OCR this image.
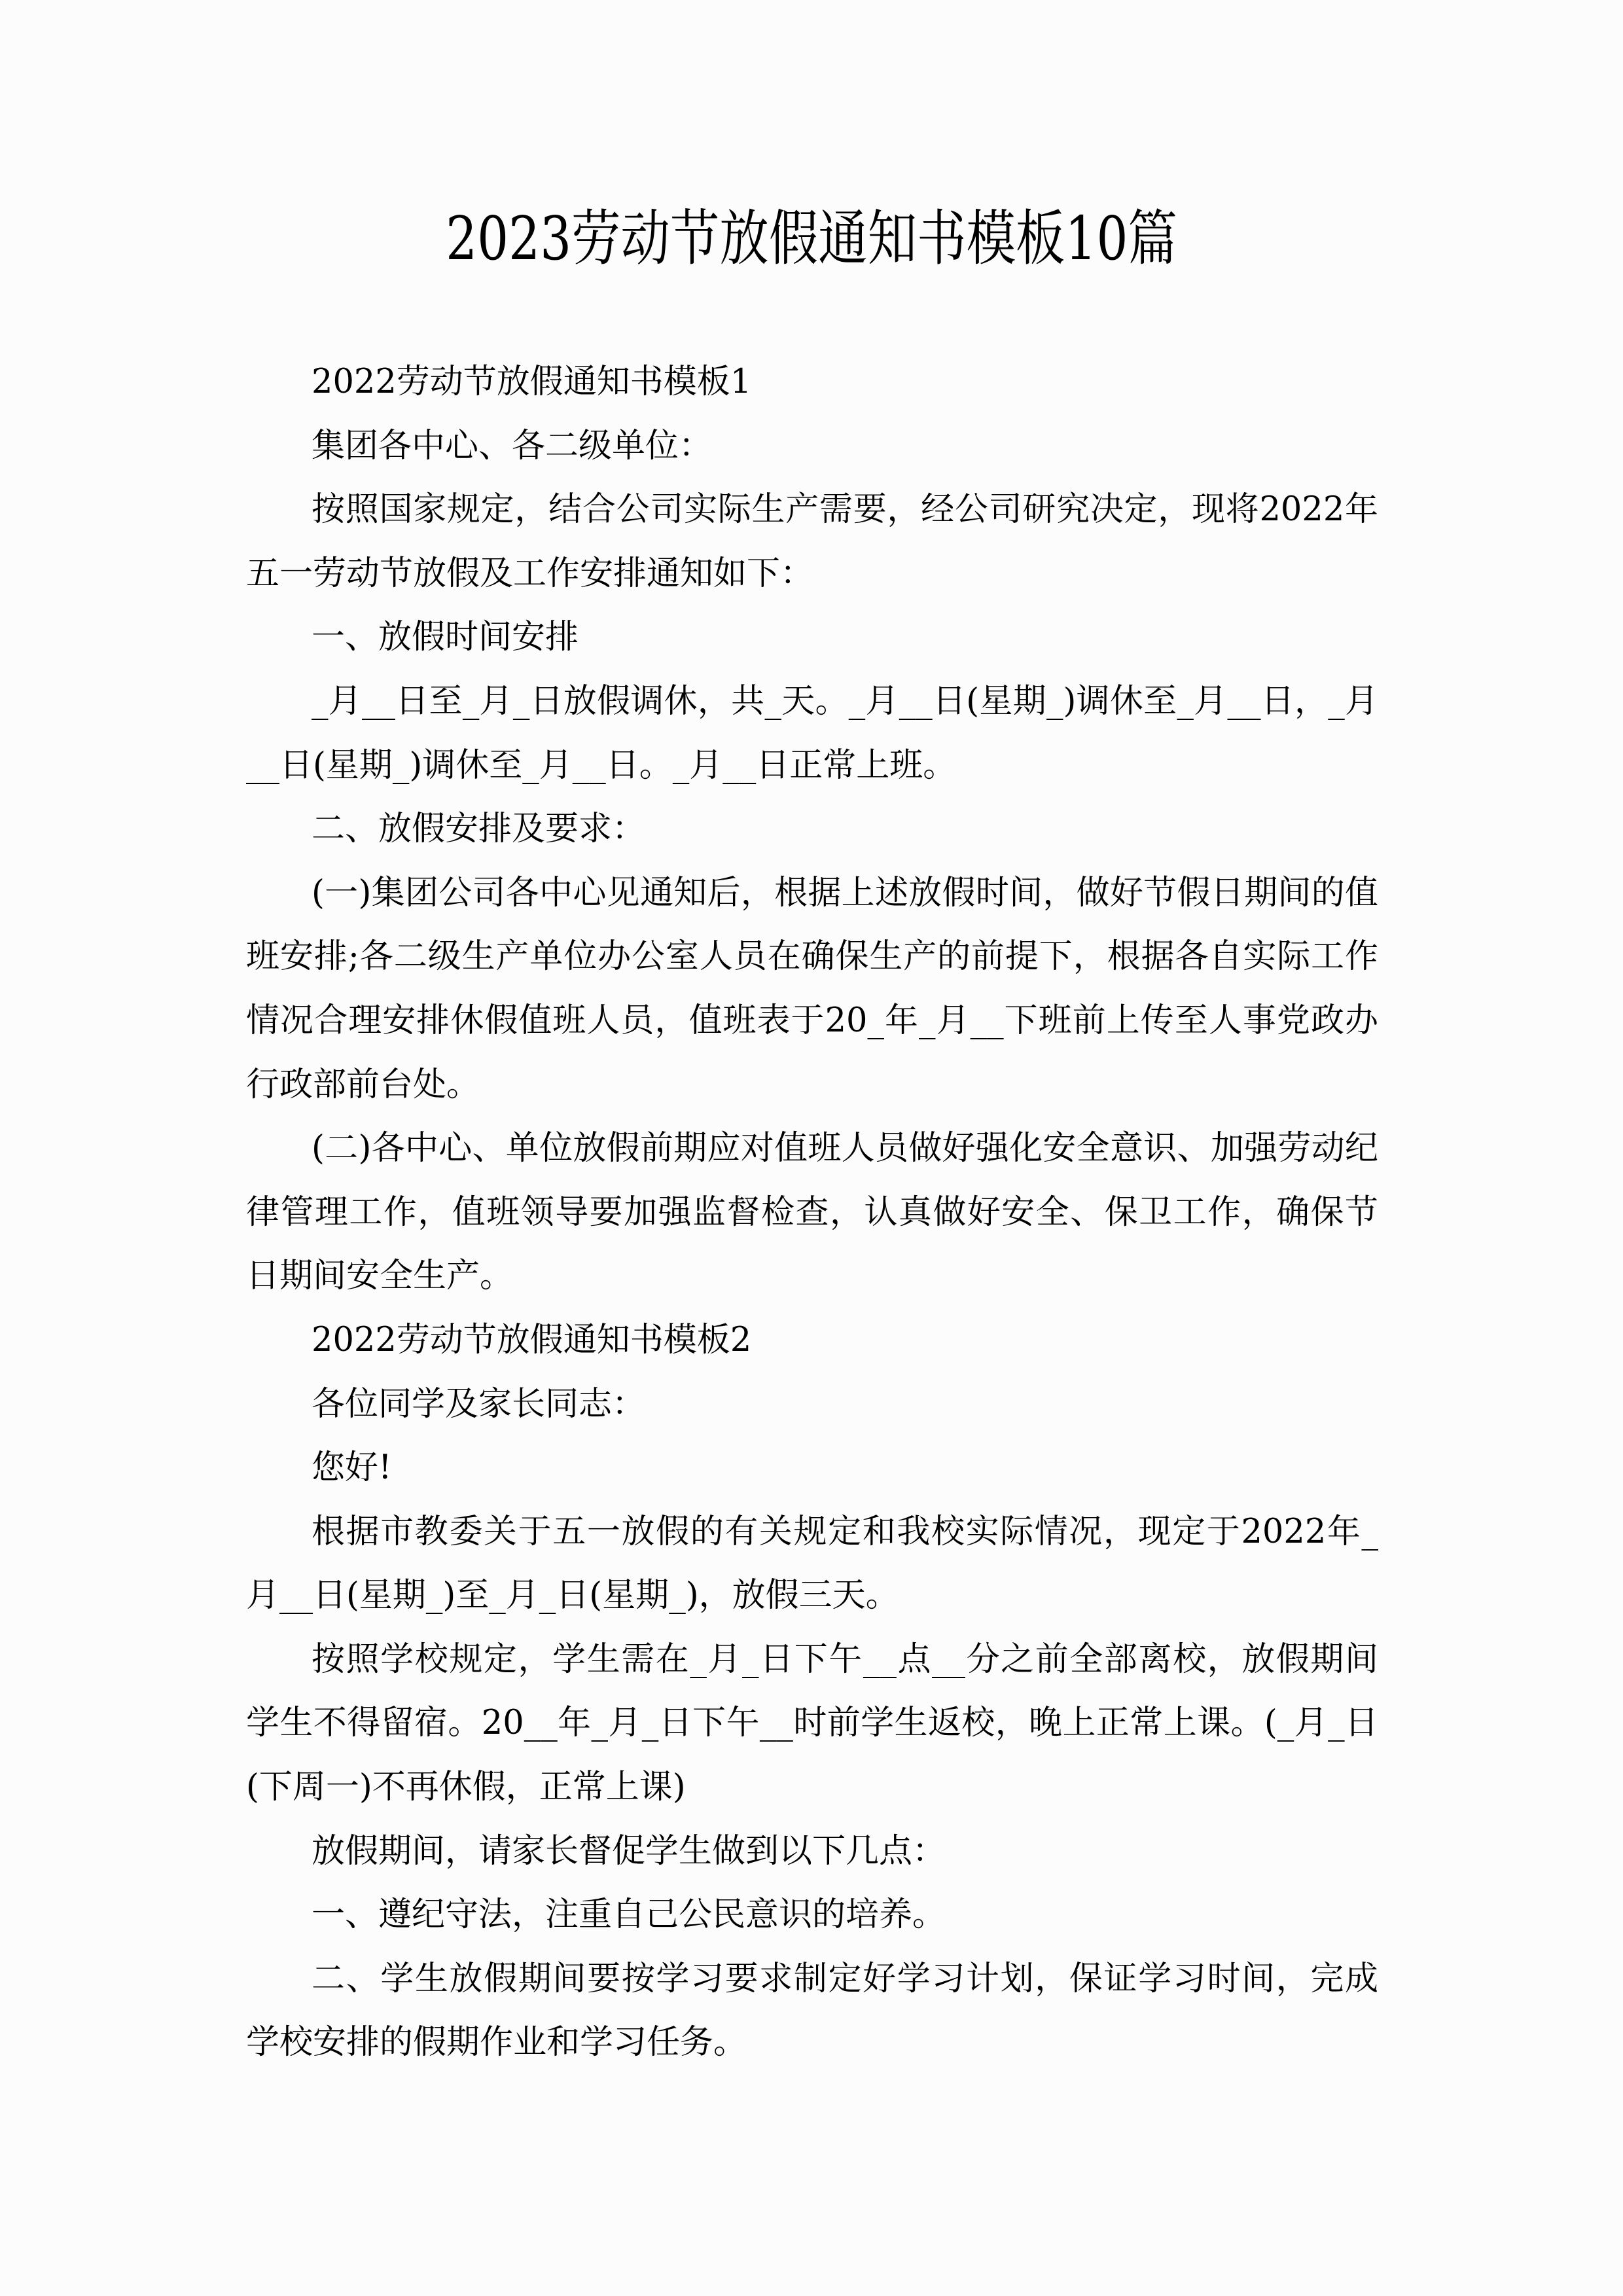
2023劳动节放假通知书模板10篇

2022劳动节放假通知书模板1

集团各中心、各二级单位：

按照国家规定，结合公司实际生产需要，经公司研究决定，现将2022年五一劳动节放假及工作安排通知如下：

一、放假时间安排

_月__日至_月_日放假调休，共_天。_月__日(星期_)调休至_月__日，_月__日(星期_)调休至_月__日。_月__日正常上班。

二、放假安排及要求：

(一)集团公司各中心见通知后，根据上述放假时间，做好节假日期间的值班安排;各二级生产单位办公室人员在确保生产的前提下，根据各自实际工作情况合理安排休假值班人员，值班表于20_年_月__下班前上传至人事党政办行政部前台处。

(二)各中心、单位放假前期应对值班人员做好强化安全意识、加强劳动纪律管理工作，值班领导要加强监督检查，认真做好安全、保卫工作，确保节日期间安全生产。

2022劳动节放假通知书模板2

各位同学及家长同志：

您好!

根据市教委关于五一放假的有关规定和我校实际情况，现定于2022年_月__日(星期_)至_月_日(星期_)，放假三天。

按照学校规定，学生需在_月_日下午__点__分之前全部离校，放假期间学生不得留宿。20__年_月_日下午__时前学生返校，晚上正常上课。(_月_日(下周一)不再休假，正常上课)

放假期间，请家长督促学生做到以下几点：

一、遵纪守法，注重自己公民意识的培养。

二、学生放假期间要按学习要求制定好学习计划，保证学习时间，完成学校安排的假期作业和学习任务。
